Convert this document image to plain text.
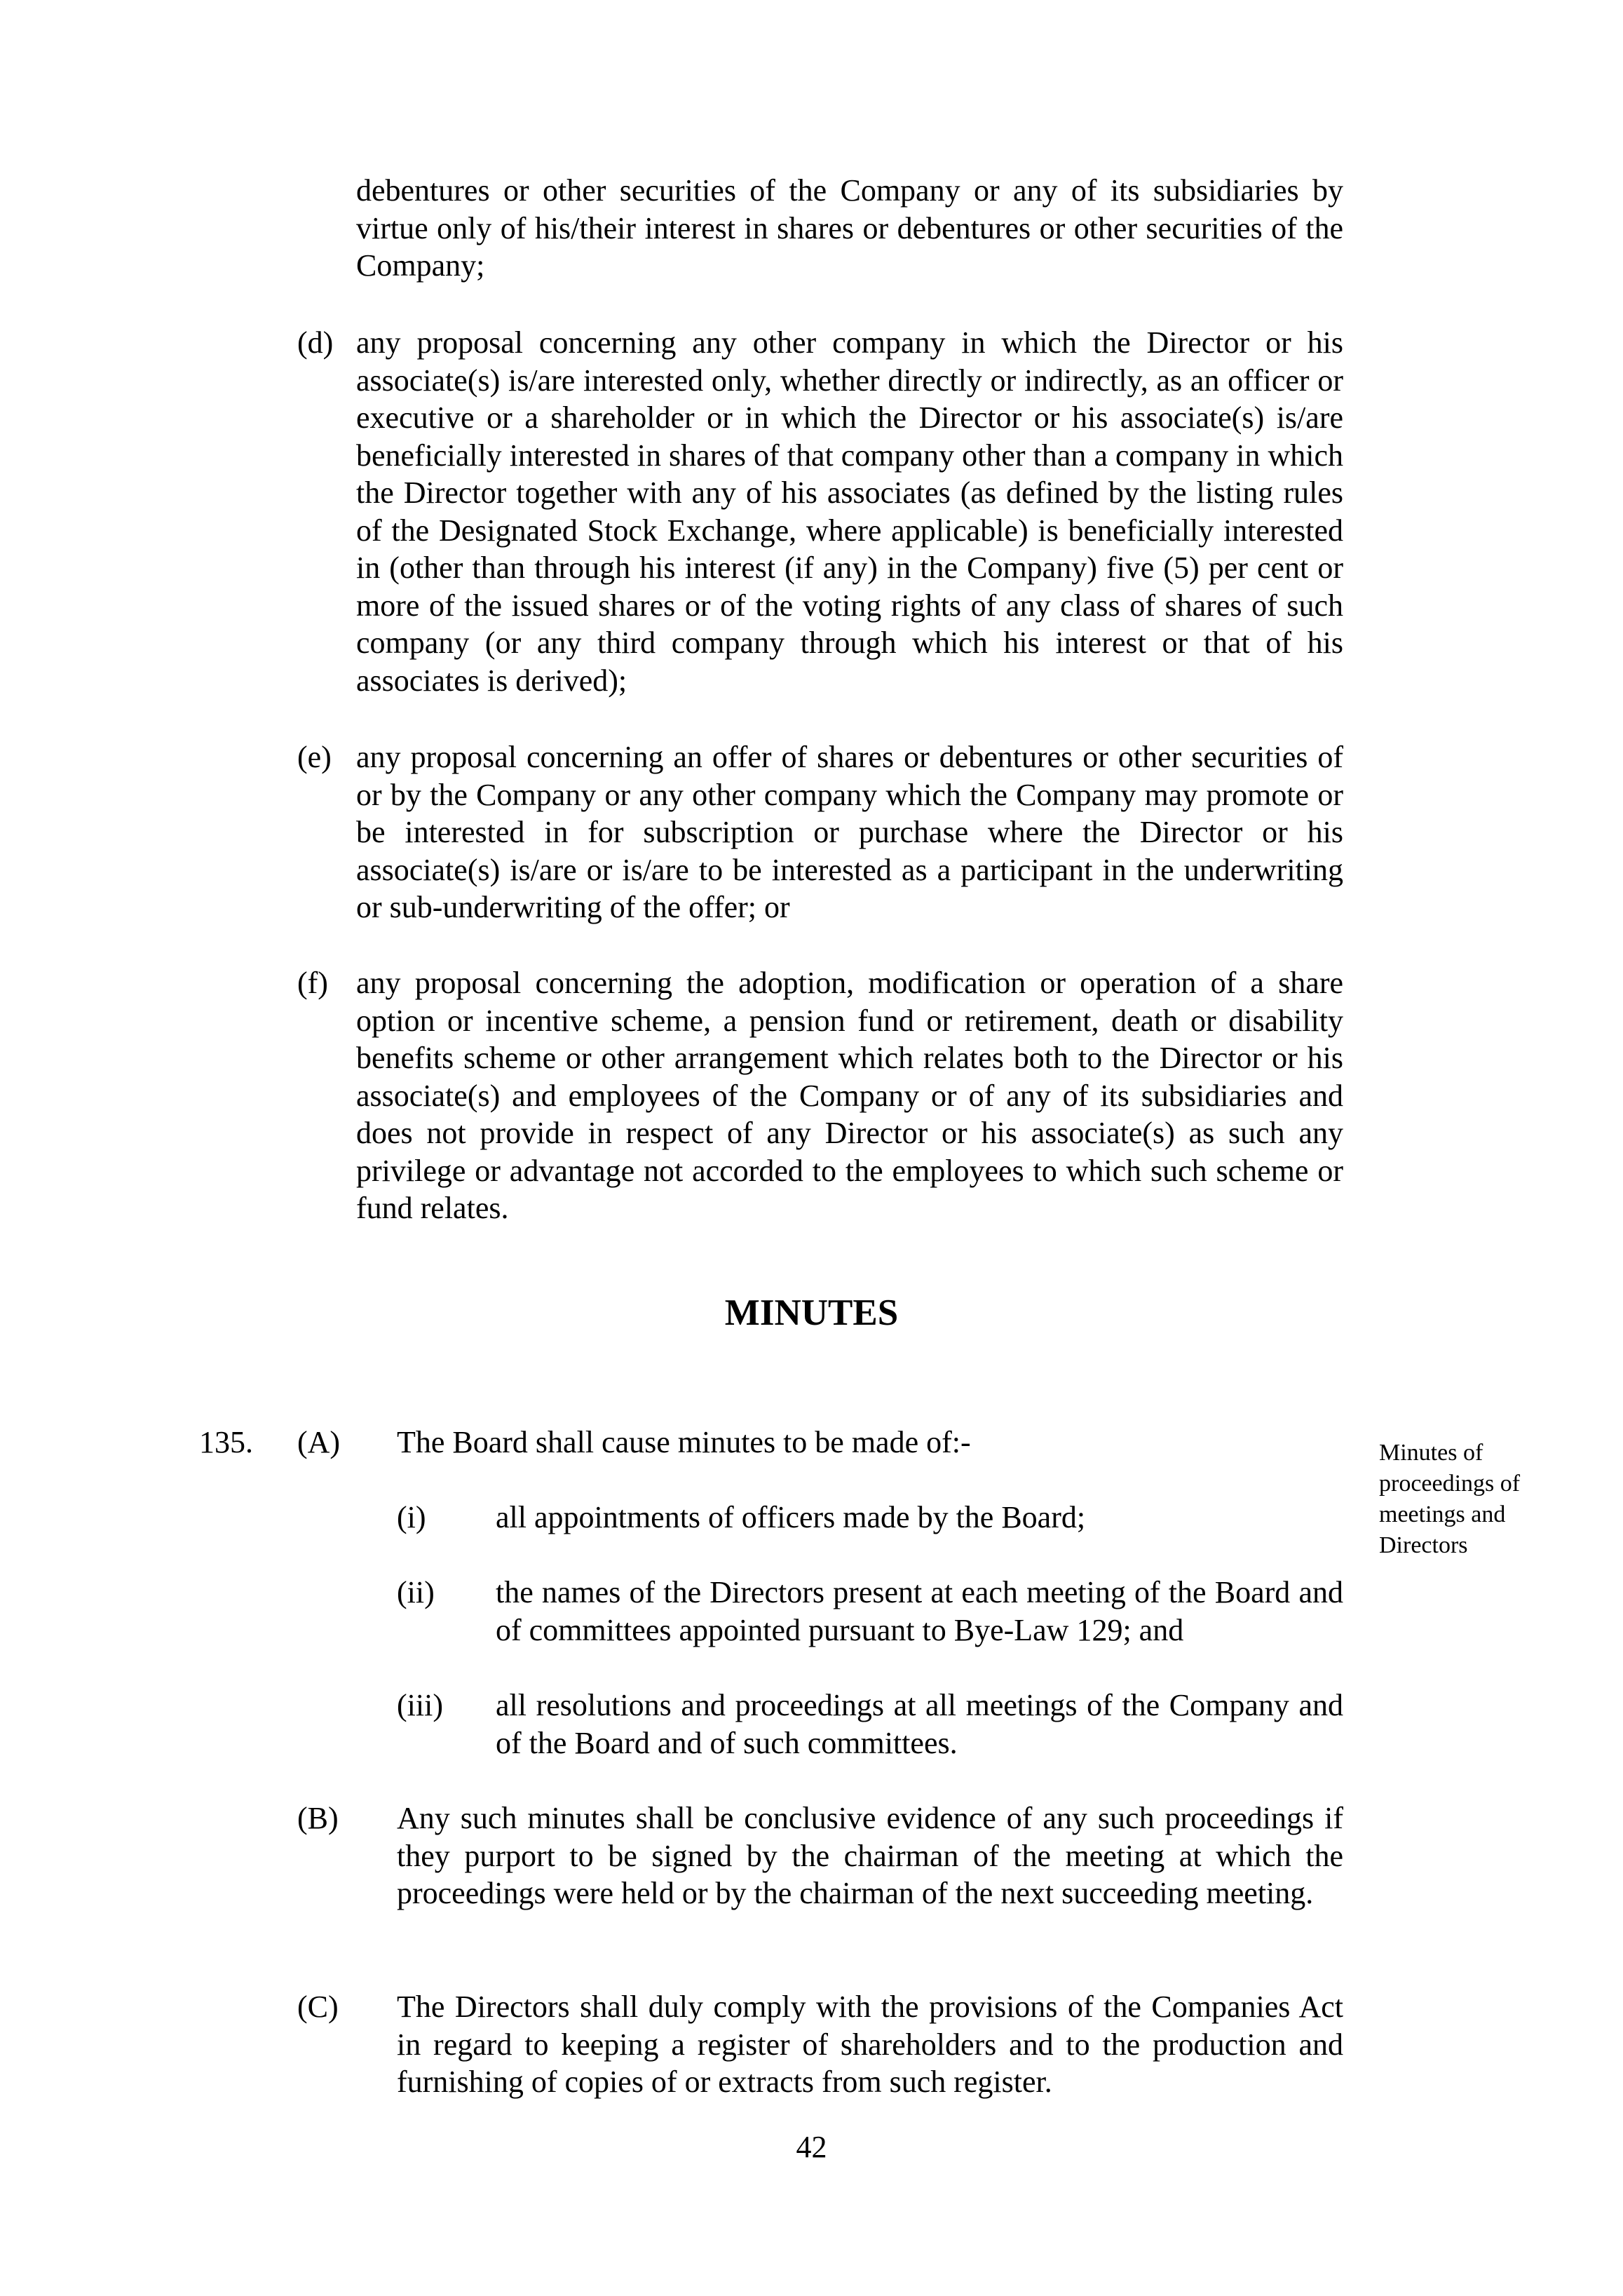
debentures or other securities of the Company or any of its subsidiaries by virtue only of his/their interest in shares or debentures or other securities of the Company;

(d) any proposal concerning any other company in which the Director or his associate(s) is/are interested only, whether directly or indirectly, as an officer or executive or a shareholder or in which the Director or his associate(s) is/are beneficially interested in shares of that company other than a company in which the Director together with any of his associates (as defined by the listing rules of the Designated Stock Exchange, where applicable) is beneficially interested in (other than through his interest (if any) in the Company) five (5) per cent or more of the issued shares or of the voting rights of any class of shares of such company (or any third company through which his interest or that of his associates is derived);

(e) any proposal concerning an offer of shares or debentures or other securities of or by the Company or any other company which the Company may promote or be interested in for subscription or purchase where the Director or his associate(s) is/are or is/are to be interested as a participant in the underwriting or sub-underwriting of the offer; or

(f) any proposal concerning the adoption, modification or operation of a share option or incentive scheme, a pension fund or retirement, death or disability benefits scheme or other arrangement which relates both to the Director or his associate(s) and employees of the Company or of any of its subsidiaries and does not provide in respect of any Director or his associate(s) as such any privilege or advantage not accorded to the employees to which such scheme or fund relates.

MINUTES
135.	Minutes of proceedings of meetings and Directors
(A) The Board shall cause minutes to be made of:-

(i) all appointments of officers made by the Board;

(ii) the names of the Directors present at each meeting of the Board and of committees appointed pursuant to Bye-Law 129; and

(iii) all resolutions and proceedings at all meetings of the Company and of the Board and of such committees.

(B) Any such minutes shall be conclusive evidence of any such proceedings if they purport to be signed by the chairman of the meeting at which the proceedings were held or by the chairman of the next succeeding meeting.

(C) The Directors shall duly comply with the provisions of the Companies Act in regard to keeping a register of shareholders and to the production and furnishing of copies of or extracts from such register.

42
